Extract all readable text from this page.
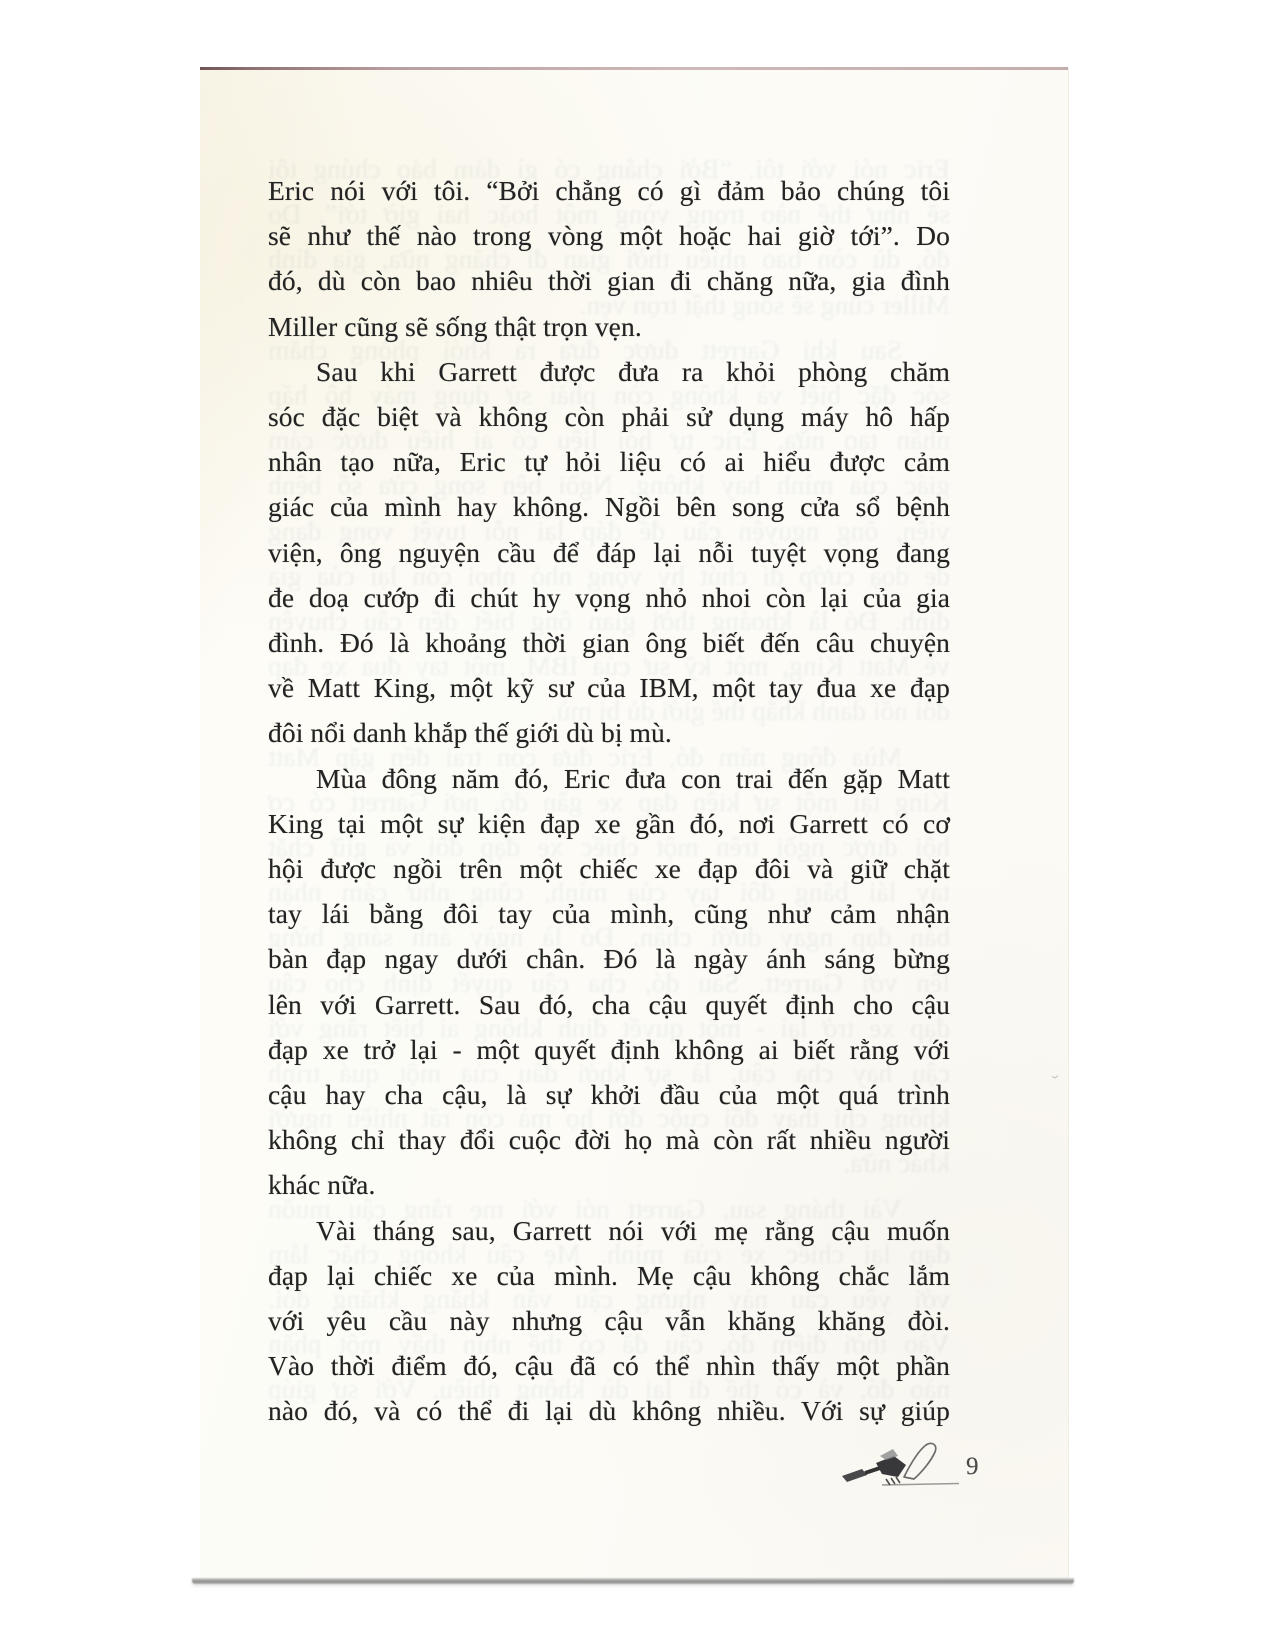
Eric nói với tôi. “Bởi chẳng có gì đảm bảo chúng tôi
sẽ như thế nào trong vòng một hoặc hai giờ tới”. Do
đó, dù còn bao nhiêu thời gian đi chăng nữa, gia đình
Miller cũng sẽ sống thật trọn vẹn.
Sau khi Garrett được đưa ra khỏi phòng chăm
sóc đặc biệt và không còn phải sử dụng máy hô hấp
nhân tạo nữa, Eric tự hỏi liệu có ai hiểu được cảm
giác của mình hay không. Ngồi bên song cửa sổ bệnh
viện, ông nguyện cầu để đáp lại nỗi tuyệt vọng đang
đe doạ cướp đi chút hy vọng nhỏ nhoi còn lại của gia
đình. Đó là khoảng thời gian ông biết đến câu chuyện
về Matt King, một kỹ sư của IBM, một tay đua xe đạp
đôi nổi danh khắp thế giới dù bị mù.
Mùa đông năm đó, Eric đưa con trai đến gặp Matt
King tại một sự kiện đạp xe gần đó, nơi Garrett có cơ
hội được ngồi trên một chiếc xe đạp đôi và giữ chặt
tay lái bằng đôi tay của mình, cũng như cảm nhận
bàn đạp ngay dưới chân. Đó là ngày ánh sáng bừng
lên với Garrett. Sau đó, cha cậu quyết định cho cậu
đạp xe trở lại - một quyết định không ai biết rằng với
cậu hay cha cậu, là sự khởi đầu của một quá trình
không chỉ thay đổi cuộc đời họ mà còn rất nhiều người
khác nữa.
Vài tháng sau, Garrett nói với mẹ rằng cậu muốn
đạp lại chiếc xe của mình. Mẹ cậu không chắc lắm
với yêu cầu này nhưng cậu vẫn khăng khăng đòi.
Vào thời điểm đó, cậu đã có thể nhìn thấy một phần
nào đó, và có thể đi lại dù không nhiều. Với sự giúp
Eric nói với tôi. “Bởi chẳng có gì đảm bảo chúng tôi
sẽ như thế nào trong vòng một hoặc hai giờ tới”. Do
đó, dù còn bao nhiêu thời gian đi chăng nữa, gia đình
Miller cũng sẽ sống thật trọn vẹn.
Sau khi Garrett được đưa ra khỏi phòng chăm
sóc đặc biệt và không còn phải sử dụng máy hô hấp
nhân tạo nữa, Eric tự hỏi liệu có ai hiểu được cảm
giác của mình hay không. Ngồi bên song cửa sổ bệnh
viện, ông nguyện cầu để đáp lại nỗi tuyệt vọng đang
đe doạ cướp đi chút hy vọng nhỏ nhoi còn lại của gia
đình. Đó là khoảng thời gian ông biết đến câu chuyện
về Matt King, một kỹ sư của IBM, một tay đua xe đạp
đôi nổi danh khắp thế giới dù bị mù.
Mùa đông năm đó, Eric đưa con trai đến gặp Matt
King tại một sự kiện đạp xe gần đó, nơi Garrett có cơ
hội được ngồi trên một chiếc xe đạp đôi và giữ chặt
tay lái bằng đôi tay của mình, cũng như cảm nhận
bàn đạp ngay dưới chân. Đó là ngày ánh sáng bừng
lên với Garrett. Sau đó, cha cậu quyết định cho cậu
đạp xe trở lại - một quyết định không ai biết rằng với
cậu hay cha cậu, là sự khởi đầu của một quá trình
không chỉ thay đổi cuộc đời họ mà còn rất nhiều người
khác nữa.
Vài tháng sau, Garrett nói với mẹ rằng cậu muốn
đạp lại chiếc xe của mình. Mẹ cậu không chắc lắm
với yêu cầu này nhưng cậu vẫn khăng khăng đòi.
Vào thời điểm đó, cậu đã có thể nhìn thấy một phần
nào đó, và có thể đi lại dù không nhiều. Với sự giúp
⌄
9
